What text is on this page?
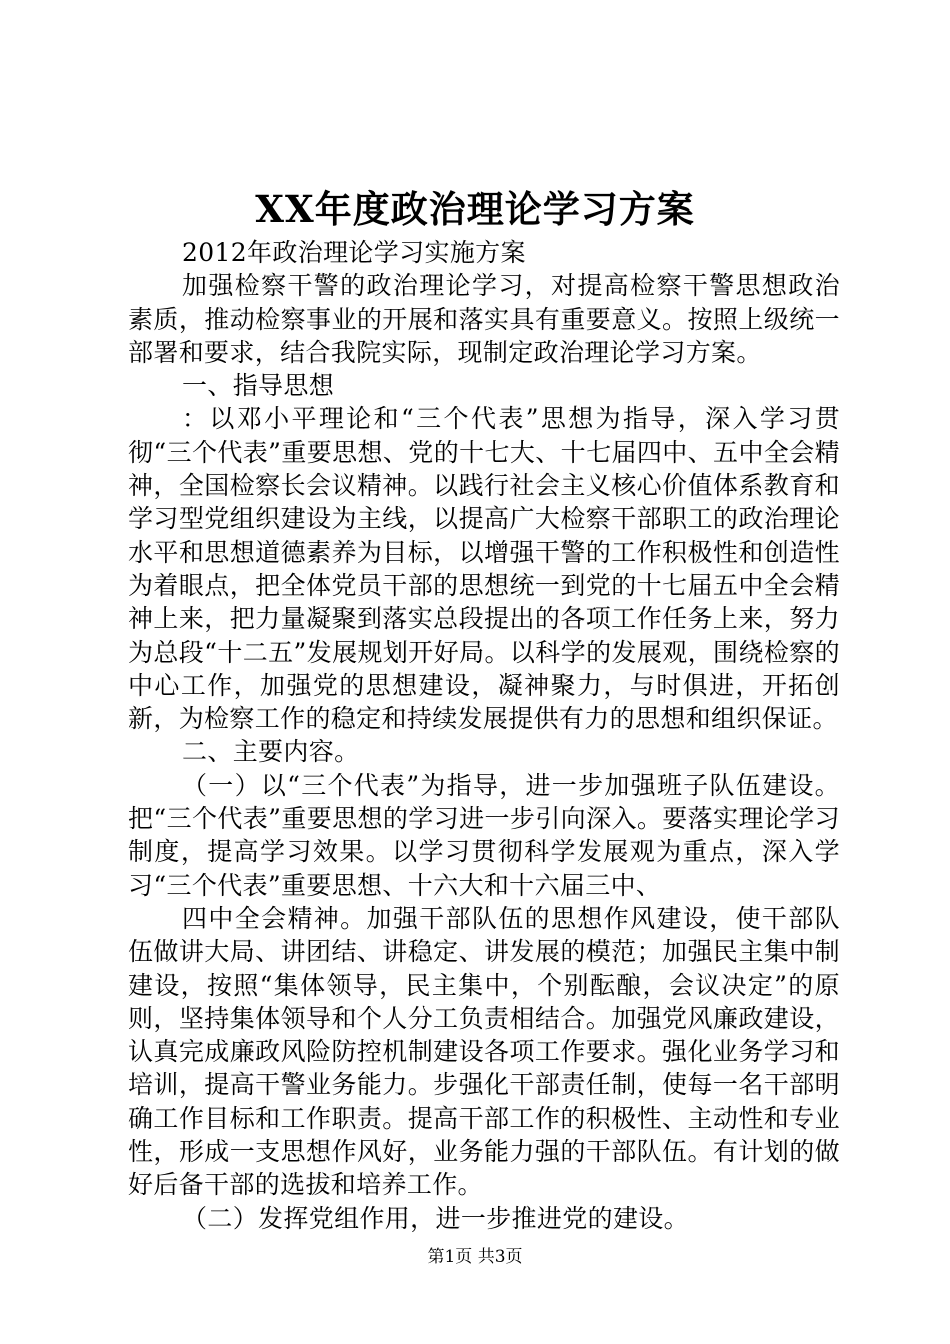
XX年度政治理论学习方案

2012年政治理论学习实施方案

加强检察干警的政治理论学习，对提高检察干警思想政治素质，推动检察事业的开展和落实具有重要意义。按照上级统一部署和要求，结合我院实际，现制定政治理论学习方案。

一、指导思想

：以邓小平理论和“三个代表”思想为指导，深入学习贯彻“三个代表”重要思想、党的十七大、十七届四中、五中全会精神，全国检察长会议精神。以践行社会主义核心价值体系教育和学习型党组织建设为主线，以提高广大检察干部职工的政治理论水平和思想道德素养为目标，以增强干警的工作积极性和创造性为着眼点，把全体党员干部的思想统一到党的十七届五中全会精神上来，把力量凝聚到落实总段提出的各项工作任务上来，努力为总段“十二五”发展规划开好局。以科学的发展观，围绕检察的中心工作，加强党的思想建设，凝神聚力，与时俱进，开拓创新，为检察工作的稳定和持续发展提供有力的思想和组织保证。

二、主要内容。

（一）以“三个代表”为指导，进一步加强班子队伍建设。把“三个代表”重要思想的学习进一步引向深入。要落实理论学习制度，提高学习效果。以学习贯彻科学发展观为重点，深入学习“三个代表”重要思想、十六大和十六届三中、

四中全会精神。加强干部队伍的思想作风建设，使干部队伍做讲大局、讲团结、讲稳定、讲发展的模范；加强民主集中制建设，按照“集体领导，民主集中，个别酝酿，会议决定”的原则，坚持集体领导和个人分工负责相结合。加强党风廉政建设，认真完成廉政风险防控机制建设各项工作要求。强化业务学习和培训，提高干警业务能力。步强化干部责任制，使每一名干部明确工作目标和工作职责。提高干部工作的积极性、主动性和专业性，形成一支思想作风好，业务能力强的干部队伍。有计划的做好后备干部的选拔和培养工作。

（二）发挥党组作用，进一步推进党的建设。

第1页 共3页
